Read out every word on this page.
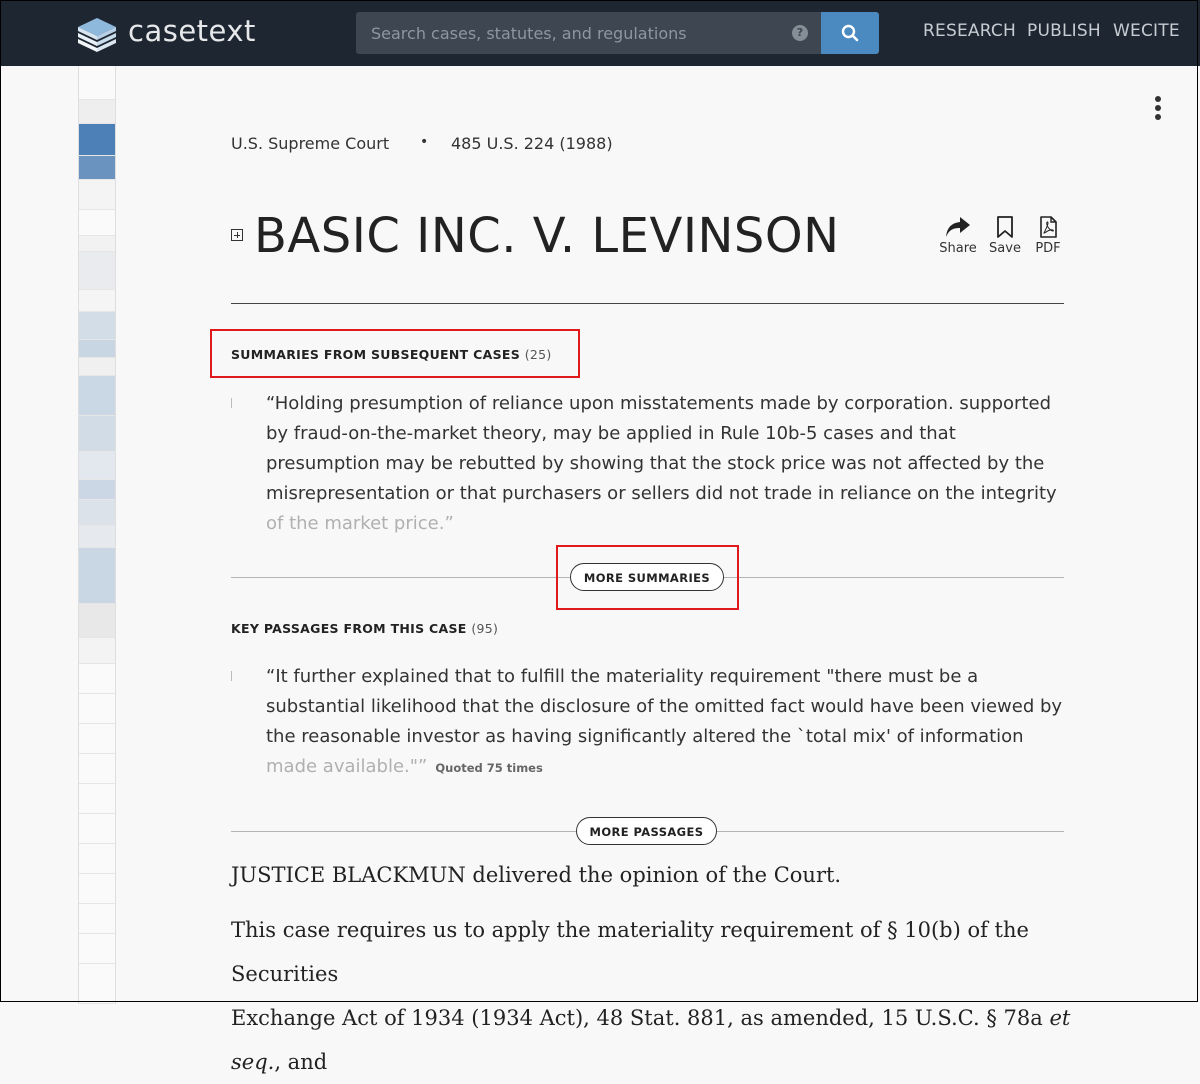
casetext
Search cases, statutes, and regulations	?	RESEARCH PUBLISH WECITE
U.S. Supreme Court • 485 U.S. 224 (1988)
BASIC INC. V. LEVINSON	Share Save PDF
SUMMARIES FROM SUBSEQUENT CASES (25)
“Holding presumption of reliance upon misstatements made by corporation. supported
by fraud-on-the-market theory, may be applied in Rule 10b-5 cases and that
presumption may be rebutted by showing that the stock price was not affected by the
misrepresentation or that purchasers or sellers did not trade in reliance on the integrity
of the market price.”
MORE SUMMARIES
KEY PASSAGES FROM THIS CASE (95)
“It further explained that to fulfill the materiality requirement "there must be a
substantial likelihood that the disclosure of the omitted fact would have been viewed by
the reasonable investor as having significantly altered the `total mix' of information
made available."” Quoted 75 times
MORE PASSAGES
JUSTICE BLACKMUN delivered the opinion of the Court.
This case requires us to apply the materiality requirement of § 10(b) of the Securities
Exchange Act of 1934 (1934 Act), 48 Stat. 881, as amended, 15 U.S.C. § 78a et seq., and
